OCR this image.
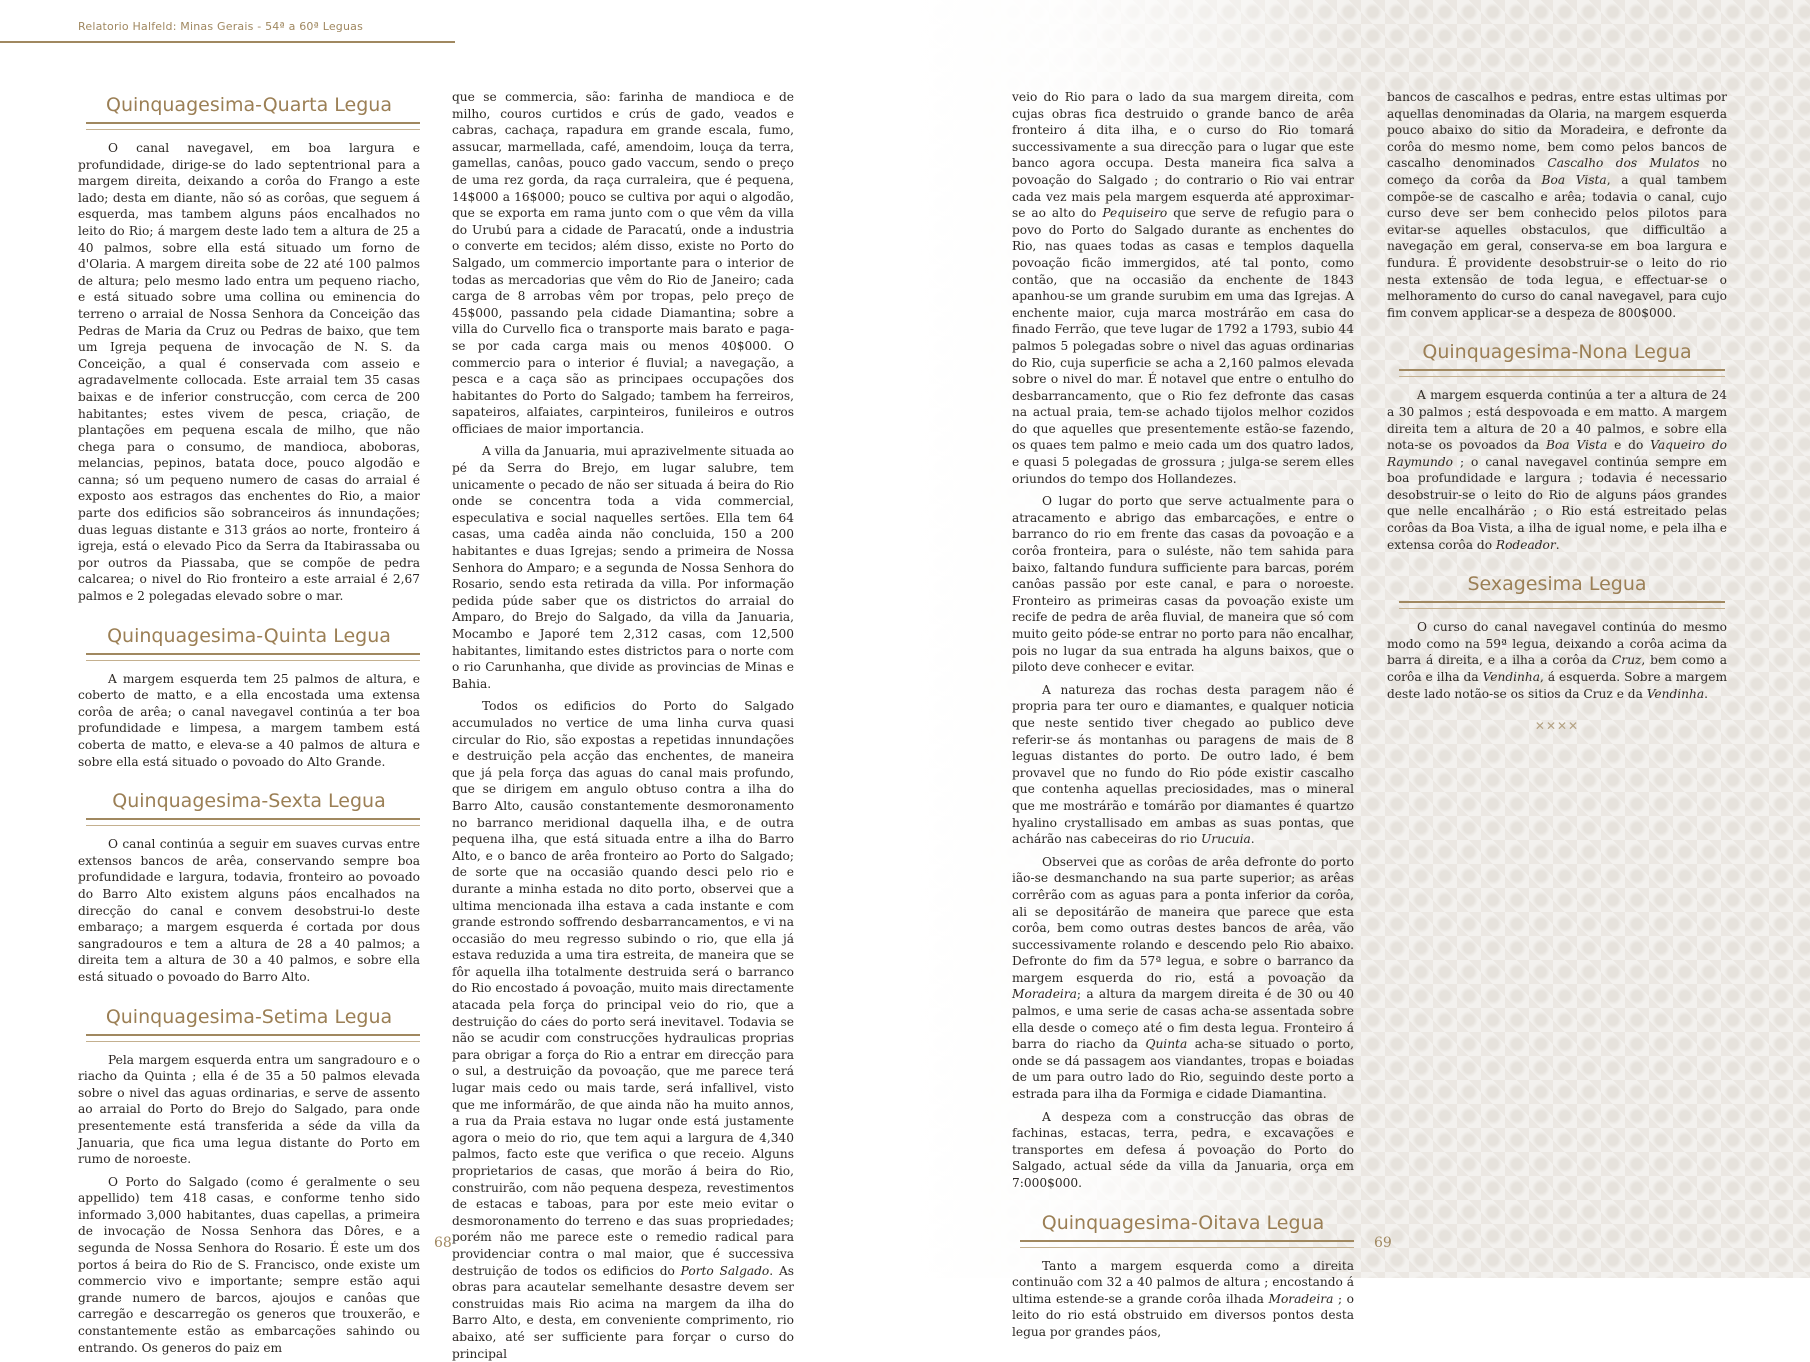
Relatorio Halfeld: Minas Gerais - 54ª a 60ª Leguas
Quinquagesima-Quarta Legua

O canal navegavel, em boa largura e profundidade, dirige-se do lado septentrional para a margem direita, deixando a corôa do Frango a este lado; desta em diante, não só as corôas, que seguem á esquerda, mas tambem alguns páos encalhados no leito do Rio; á margem deste lado tem a altura de 25 a 40 palmos, sobre ella está situado um forno de d'Olaria. A margem direita sobe de 22 até 100 palmos de altura; pelo mesmo lado entra um pequeno riacho, e está situado sobre uma collina ou eminencia do terreno o arraial de Nossa Senhora da Conceição das Pedras de Maria da Cruz ou Pedras de baixo, que tem um Igreja pequena de invocação de N. S. da Conceição, a qual é conservada com asseio e agradavelmente collocada. Este arraial tem 35 casas baixas e de inferior construcção, com cerca de 200 habitantes; estes vivem de pesca, criação, de plantações em pequena escala de milho, que não chega para o consumo, de mandioca, aboboras, melancias, pepinos, batata doce, pouco algodão e canna; só um pequeno numero de casas do arraial é exposto aos estragos das enchentes do Rio, a maior parte dos edificios são sobranceiros ás innundações; duas leguas distante e 313 gráos ao norte, fronteiro á igreja, está o elevado Pico da Serra da Itabirassaba ou por outros da Piassaba, que se compõe de pedra calcarea; o nivel do Rio fronteiro a este arraial é 2,67 palmos e 2 polegadas elevado sobre o mar.

Quinquagesima-Quinta Legua

A margem esquerda tem 25 palmos de altura, e coberto de matto, e a ella encostada uma extensa corôa de arêa; o canal navegavel continúa a ter boa profundidade e limpesa, a margem tambem está coberta de matto, e eleva-se a 40 palmos de altura e sobre ella está situado o povoado do Alto Grande.

Quinquagesima-Sexta Legua

O canal continúa a seguir em suaves curvas entre extensos bancos de arêa, conservando sempre boa profundidade e largura, todavia, fronteiro ao povoado do Barro Alto existem alguns páos encalhados na direcção do canal e convem desobstrui-lo deste embaraço; a margem esquerda é cortada por dous sangradouros e tem a altura de 28 a 40 palmos; a direita tem a altura de 30 a 40 palmos, e sobre ella está situado o povoado do Barro Alto.

Quinquagesima-Setima Legua

Pela margem esquerda entra um sangradouro e o riacho da Quinta ; ella é de 35 a 50 palmos elevada sobre o nivel das aguas ordinarias, e serve de assento ao arraial do Porto do Brejo do Salgado, para onde presentemente está transferida a séde da villa da Januaria, que fica uma legua distante do Porto em rumo de noroeste.

O Porto do Salgado (como é geralmente o seu appellido) tem 418 casas, e conforme tenho sido informado 3,000 habitantes, duas capellas, a primeira de invocação de Nossa Senhora das Dôres, e a segunda de Nossa Senhora do Rosario. É este um dos portos á beira do Rio de S. Francisco, onde existe um commercio vivo e importante; sempre estão aqui grande numero de barcos, ajoujos e canôas que carregão e descarregão os generos que trouxerão, e constantemente estão as embarcações sahindo ou entrando. Os generos do paiz em

que se commercia, são: farinha de mandioca e de milho, couros curtidos e crús de gado, veados e cabras, cachaça, rapadura em grande escala, fumo, assucar, marmellada, café, amendoim, louça da terra, gamellas, canôas, pouco gado vaccum, sendo o preço de uma rez gorda, da raça curraleira, que é pequena, 14$000 a 16$000; pouco se cultiva por aqui o algodão, que se exporta em rama junto com o que vêm da villa do Urubú para a cidade de Paracatú, onde a industria o converte em tecidos; além disso, existe no Porto do Salgado, um commercio importante para o interior de todas as mercadorias que vêm do Rio de Janeiro; cada carga de 8 arrobas vêm por tropas, pelo preço de 45$000, passando pela cidade Diamantina; sobre a villa do Curvello fica o transporte mais barato e paga-se por cada carga mais ou menos 40$000. O commercio para o interior é fluvial; a navegação, a pesca e a caça são as principaes occupações dos habitantes do Porto do Salgado; tambem ha ferreiros, sapateiros, alfaiates, carpinteiros, funileiros e outros officiaes de maior importancia.

A villa da Januaria, mui aprazivelmente situada ao pé da Serra do Brejo, em lugar salubre, tem unicamente o pecado de não ser situada á beira do Rio onde se concentra toda a vida commercial, especulativa e social naquelles sertões. Ella tem 64 casas, uma cadêa ainda não concluida, 150 a 200 habitantes e duas Igrejas; sendo a primeira de Nossa Senhora do Amparo; e a segunda de Nossa Senhora do Rosario, sendo esta retirada da villa. Por informação pedida púde saber que os districtos do arraial do Amparo, do Brejo do Salgado, da villa da Januaria, Mocambo e Japoré tem 2,312 casas, com 12,500 habitantes, limitando estes districtos para o norte com o rio Carunhanha, que divide as provincias de Minas e Bahia.

Todos os edificios do Porto do Salgado accumulados no vertice de uma linha curva quasi circular do Rio, são expostas a repetidas innundações e destruição pela acção das enchentes, de maneira que já pela força das aguas do canal mais profundo, que se dirigem em angulo obtuso contra a ilha do Barro Alto, causão constantemente desmoronamento no barranco meridional daquella ilha, e de outra pequena ilha, que está situada entre a ilha do Barro Alto, e o banco de arêa fronteiro ao Porto do Salgado; de sorte que na occasião quando desci pelo rio e durante a minha estada no dito porto, observei que a ultima mencionada ilha estava a cada instante e com grande estrondo soffrendo desbarrancamentos, e vi na occasião do meu regresso subindo o rio, que ella já estava reduzida a uma tira estreita, de maneira que se fôr aquella ilha totalmente destruida será o barranco do Rio encostado á povoação, muito mais directamente atacada pela força do principal veio do rio, que a destruição do cáes do porto será inevitavel. Todavia se não se acudir com construcções hydraulicas proprias para obrigar a força do Rio a entrar em direcção para o sul, a destruição da povoação, que me parece terá lugar mais cedo ou mais tarde, será infallivel, visto que me informárão, de que ainda não ha muito annos, a rua da Praia estava no lugar onde está justamente agora o meio do rio, que tem aqui a largura de 4,340 palmos, facto este que verifica o que receio. Alguns proprietarios de casas, que morão á beira do Rio, construirão, com não pequena despeza, revestimentos de estacas e taboas, para por este meio evitar o desmoronamento do terreno e das suas propriedades; porém não me parece este o remedio radical para providenciar contra o mal maior, que é successiva destruição de todos os edificios do Porto Salgado. As obras para acautelar semelhante desastre devem ser construidas mais Rio acima na margem da ilha do Barro Alto, e desta, em conveniente comprimento, rio abaixo, até ser sufficiente para forçar o curso do principal

68

veio do Rio para o lado da sua margem direita, com cujas obras fica destruido o grande banco de arêa fronteiro á dita ilha, e o curso do Rio tomará successivamente a sua direcção para o lugar que este banco agora occupa. Desta maneira fica salva a povoação do Salgado ; do contrario o Rio vai entrar cada vez mais pela margem esquerda até approximar-se ao alto do Pequiseiro que serve de refugio para o povo do Porto do Salgado durante as enchentes do Rio, nas quaes todas as casas e templos daquella povoação ficão immergidos, até tal ponto, como contão, que na occasião da enchente de 1843 apanhou-se um grande surubim em uma das Igrejas. A enchente maior, cuja marca mostrárão em casa do finado Ferrão, que teve lugar de 1792 a 1793, subio 44 palmos 5 polegadas sobre o nivel das aguas ordinarias do Rio, cuja superficie se acha a 2,160 palmos elevada sobre o nivel do mar. É notavel que entre o entulho do desbarrancamento, que o Rio fez defronte das casas na actual praia, tem-se achado tijolos melhor cozidos do que aquelles que presentemente estão-se fazendo, os quaes tem palmo e meio cada um dos quatro lados, e quasi 5 polegadas de grossura ; julga-se serem elles oriundos do tempo dos Hollandezes.

O lugar do porto que serve actualmente para o atracamento e abrigo das embarcações, e entre o barranco do rio em frente das casas da povoação e a corôa fronteira, para o suléste, não tem sahida para baixo, faltando fundura sufficiente para barcas, porém canôas passão por este canal, e para o noroeste. Fronteiro as primeiras casas da povoação existe um recife de pedra de arêa fluvial, de maneira que só com muito geito póde-se entrar no porto para não encalhar, pois no lugar da sua entrada ha alguns baixos, que o piloto deve conhecer e evitar.

A natureza das rochas desta paragem não é propria para ter ouro e diamantes, e qualquer noticia que neste sentido tiver chegado ao publico deve referir-se ás montanhas ou paragens de mais de 8 leguas distantes do porto. De outro lado, é bem provavel que no fundo do Rio póde existir cascalho que contenha aquellas preciosidades, mas o mineral que me mostrárão e tomárão por diamantes é quartzo hyalino crystallisado em ambas as suas pontas, que achárão nas cabeceiras do rio Urucuia.

Observei que as corôas de arêa defronte do porto ião-se desmanchando na sua parte superior; as arêas corrêrão com as aguas para a ponta inferior da corôa, ali se depositárão de maneira que parece que esta corôa, bem como outras destes bancos de arêa, vão successivamente rolando e descendo pelo Rio abaixo. Defronte do fim da 57ª legua, e sobre o barranco da margem esquerda do rio, está a povoação da Moradeira; a altura da margem direita é de 30 ou 40 palmos, e uma serie de casas acha-se assentada sobre ella desde o começo até o fim desta legua. Fronteiro á barra do riacho da Quinta acha-se situado o porto, onde se dá passagem aos viandantes, tropas e boiadas de um para outro lado do Rio, seguindo deste porto a estrada para ilha da Formiga e cidade Diamantina.

A despeza com a construcção das obras de fachinas, estacas, terra, pedra, e excavações e transportes em defesa á povoação do Porto do Salgado, actual séde da villa da Januaria, orça em 7:000$000.

Quinquagesima-Oitava Legua

Tanto a margem esquerda como a direita continuão com 32 a 40 palmos de altura ; encostando á ultima estende-se a grande corôa ilhada Moradeira ; o leito do rio está obstruido em diversos pontos desta legua por grandes páos,

bancos de cascalhos e pedras, entre estas ultimas por aquellas denominadas da Olaria, na margem esquerda pouco abaixo do sitio da Moradeira, e defronte da corôa do mesmo nome, bem como pelos bancos de cascalho denominados Cascalho dos Mulatos no começo da corôa da Boa Vista, a qual tambem compõe-se de cascalho e arêa; todavia o canal, cujo curso deve ser bem conhecido pelos pilotos para evitar-se aquelles obstaculos, que difficultão a navegação em geral, conserva-se em boa largura e fundura. É providente desobstruir-se o leito do rio nesta extensão de toda legua, e effectuar-se o melhoramento do curso do canal navegavel, para cujo fim convem applicar-se a despeza de 800$000.

Quinquagesima-Nona Legua

A margem esquerda continúa a ter a altura de 24 a 30 palmos ; está despovoada e em matto. A margem direita tem a altura de 20 a 40 palmos, e sobre ella nota-se os povoados da Boa Vista e do Vaqueiro do Raymundo ; o canal navegavel continúa sempre em boa profundidade e largura ; todavia é necessario desobstruir-se o leito do Rio de alguns páos grandes que nelle encalhárão ; o Rio está estreitado pelas corôas da Boa Vista, a ilha de igual nome, e pela ilha e extensa corôa do Rodeador.

Sexagesima Legua

O curso do canal navegavel continúa do mesmo modo como na 59ª legua, deixando a corôa acima da barra á direita, e a ilha a corôa da Cruz, bem como a corôa e ilha da Vendinha, á esquerda. Sobre a margem deste lado notão-se os sitios da Cruz e da Vendinha.

✕✕✕✕
69
